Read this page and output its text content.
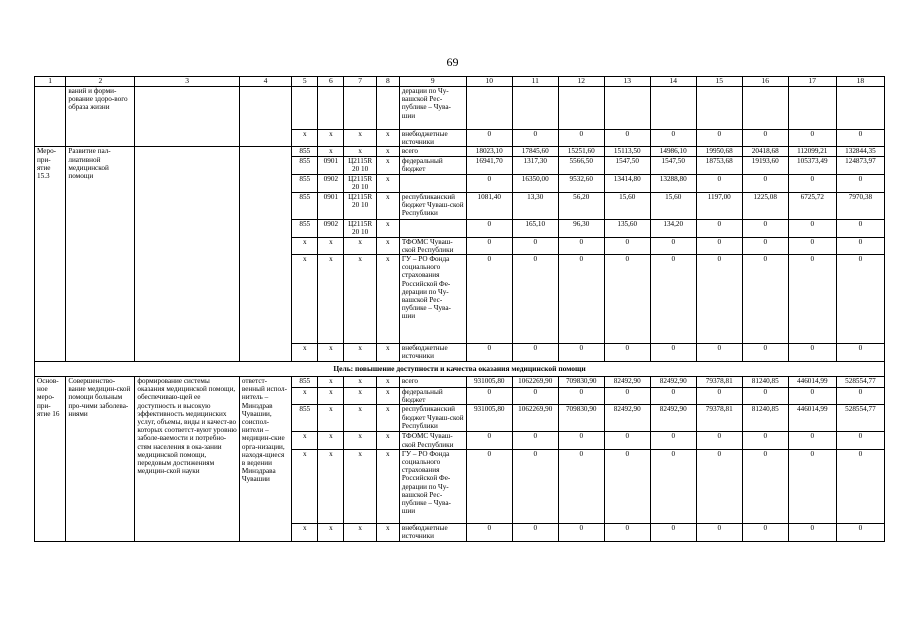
69
1	2	3	4	5	6	7	8	9	10	11	12	13	14	15	16	17	18
	ваний и форми-рование здоро-вого образа жизни							дерации по Чу-вашской Рес-публике – Чува-шии									
				х	х	х	х	внебюджетные источники	0	0	0	0	0	0	0	0	0
Меро-при-ятие 15.3	Развитие пал-лиативной медицинской помощи			855	х	х	х	всего	18023,10	17845,60	15251,60	15113,50	14986,10	19950,68	20418,68	112099,21	132844,35
				855	0901	Ц2115R20 10	х	федеральный бюджет	16941,70	1317,30	5566,50	1547,50	1547,50	18753,68	19193,60	105373,49	124873,97
				855	0902	Ц2115R20 10	х		0	16350,00	9532,60	13414,80	13288,80	0	0	0	0
				855	0901	Ц2115R20 10	х	республиканский бюджет Чуваш-ской Республики	1081,40	13,30	56,20	15,60	15,60	1197,00	1225,08	6725,72	7970,38
				855	0902	Ц2115R20 10	х		0	165,10	96,30	135,60	134,20	0	0	0	0
				х	х	х	х	ТФОМС Чуваш-ской Республики	0	0	0	0	0	0	0	0	0
				х	х	х	х	ГУ – РО Фонда социального страхования Российской Фе-дерации по Чу-вашской Рес-публике – Чува-шии	0	0	0	0	0	0	0	0	0
				х	х	х	х	внебюджетные источники	0	0	0	0	0	0	0	0	0
Цель: повышение доступности и качества оказания медицинской помощи																	
Основ-ное меро-при-ятие 16	Совершенство-вание медицин-ской помощи больным про-чими заболева-ниями	формирование системы оказания медицинской помощи, обеспечиваю-щей ее доступность и высокую эффективность медицинских услуг, объемы, виды и качест-во которых соответст-вуют уровню заболе-ваемости и потребно-стям населения в ока-зании медицинской помощи, передовым достижениям медицин-ской науки	ответст-венный испол-нитель – Минздрав Чувашии, соиспол-нители – медицин-ские орга-низации, находя-щиеся в ведении Минздрава Чувашии	855	х	х	х	всего	931005,80	1062269,90	709830,90	82492,90	82492,90	79378,81	81240,85	446014,99	528554,77
				х	х	х	х	федеральный бюджет	0	0	0	0	0	0	0	0	0
				855	х	х	х	республиканский бюджет Чуваш-ской Республики	931005,80	1062269,90	709830,90	82492,90	82492,90	79378,81	81240,85	446014,99	528554,77
				х	х	х	х	ТФОМС Чуваш-ской Республики	0	0	0	0	0	0	0	0	0
				х	х	х	х	ГУ – РО Фонда социального страхования Российской Фе-дерации по Чу-вашской Рес-публике – Чува-шии	0	0	0	0	0	0	0	0	0
				х	х	х	х	внебюджетные источники	0	0	0	0	0	0	0	0	0
